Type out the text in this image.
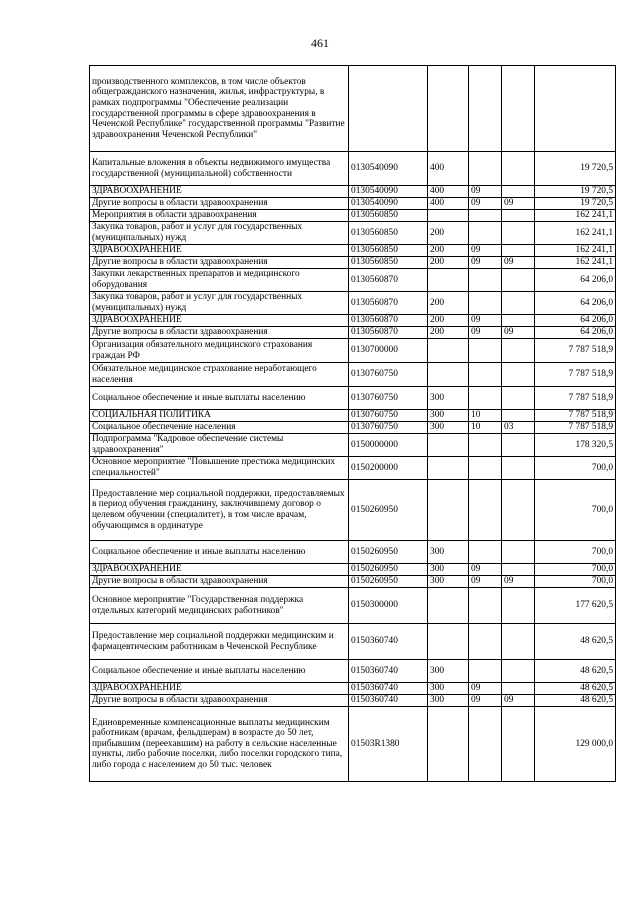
461
производственного комплексов, в том числе объектов общегражданского назначения, жилья, инфраструктуры, в рамках подпрограммы "Обеспечение реализации государственной программы в сфере здравоохранения в Чеченской Республике" государственной программы "Развитие здравоохранения Чеченской Республики"					
Капитальные вложения в объекты недвижимого имущества государственной (муниципальной) собственности	0130540090	400			19 720,5
ЗДРАВООХРАНЕНИЕ	0130540090	400	09		19 720,5
Другие вопросы в области здравоохранения	0130540090	400	09	09	19 720,5
Мероприятия в области здравоохранения	0130560850				162 241,1
Закупка товаров, работ и услуг для государственных (муниципальных) нужд	0130560850	200			162 241,1
ЗДРАВООХРАНЕНИЕ	0130560850	200	09		162 241,1
Другие вопросы в области здравоохранения	0130560850	200	09	09	162 241,1
Закупки лекарственных препаратов и медицинского оборудования	0130560870				64 206,0
Закупка товаров, работ и услуг для государственных (муниципальных) нужд	0130560870	200			64 206,0
ЗДРАВООХРАНЕНИЕ	0130560870	200	09		64 206,0
Другие вопросы в области здравоохранения	0130560870	200	09	09	64 206,0
Организация обязательного медицинского страхования граждан РФ	0130700000				7 787 518,9
Обязательное медицинское страхование неработающего населения	0130760750				7 787 518,9
Социальное обеспечение и иные выплаты населению	0130760750	300			7 787 518,9
СОЦИАЛЬНАЯ ПОЛИТИКА	0130760750	300	10		7 787 518,9
Социальное обеспечение населения	0130760750	300	10	03	7 787 518,9
Подпрограмма "Кадровое обеспечение системы здравоохранения"	0150000000				178 320,5
Основное мероприятие "Повышение престижа медицинских специальностей"	0150200000				700,0
Предоставление мер социальной поддержки, предоставляемых в период обучения гражданину, заключившему договор о целевом обучении (специалитет), в том числе врачам, обучающимся в ординатуре	0150260950				700,0
Социальное обеспечение и иные выплаты населению	0150260950	300			700,0
ЗДРАВООХРАНЕНИЕ	0150260950	300	09		700,0
Другие вопросы в области здравоохранения	0150260950	300	09	09	700,0
Основное мероприятие "Государственная поддержка отдельных категорий медицинских работников"	0150300000				177 620,5
Предоставление мер социальной поддержки медицинским и фармацевтическим работникам в Чеченской Республике	0150360740				48 620,5
Социальное обеспечение и иные выплаты населению	0150360740	300			48 620,5
ЗДРАВООХРАНЕНИЕ	0150360740	300	09		48 620,5
Другие вопросы в области здравоохранения	0150360740	300	09	09	48 620,5
Единовременные компенсационные выплаты медицинским работникам (врачам, фельдшерам) в возрасте до 50 лет, прибывшим (переехавшим) на работу в сельские населенные пункты, либо рабочие поселки, либо поселки городского типа, либо города с населением до 50 тыс. человек	01503R1380				129 000,0
